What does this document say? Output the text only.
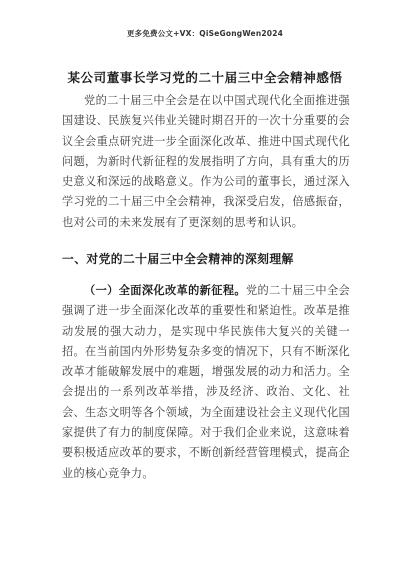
更多免费公文+VX：QiSeGongWen2024
某公司董事长学习党的二十届三中全会精神感悟

党的二十届三中全会是在以中国式现代化全面推进强国建设、民族复兴伟业关键时期召开的一次十分重要的会议全会重点研究进一步全面深化改革、推进中国式现代化问题，为新时代新征程的发展指明了方向，具有重大的历史意义和深远的战略意义。作为公司的董事长，通过深入学习党的二十届三中全会精神，我深受启发，倍感振奋，也对公司的未来发展有了更深刻的思考和认识。

一、对党的二十届三中全会精神的深刻理解

（一）全面深化改革的新征程。党的二十届三中全会强调了进一步全面深化改革的重要性和紧迫性。改革是推动发展的强大动力，是实现中华民族伟大复兴的关键一招。在当前国内外形势复杂多变的情况下，只有不断深化改革才能破解发展中的难题，增强发展的动力和活力。全会提出的一系列改革举措，涉及经济、政治、文化、社会、生态文明等各个领域，为全面建设社会主义现代化国家提供了有力的制度保障。对于我们企业来说，这意味着要积极适应改革的要求，不断创新经营管理模式，提高企业的核心竞争力。
